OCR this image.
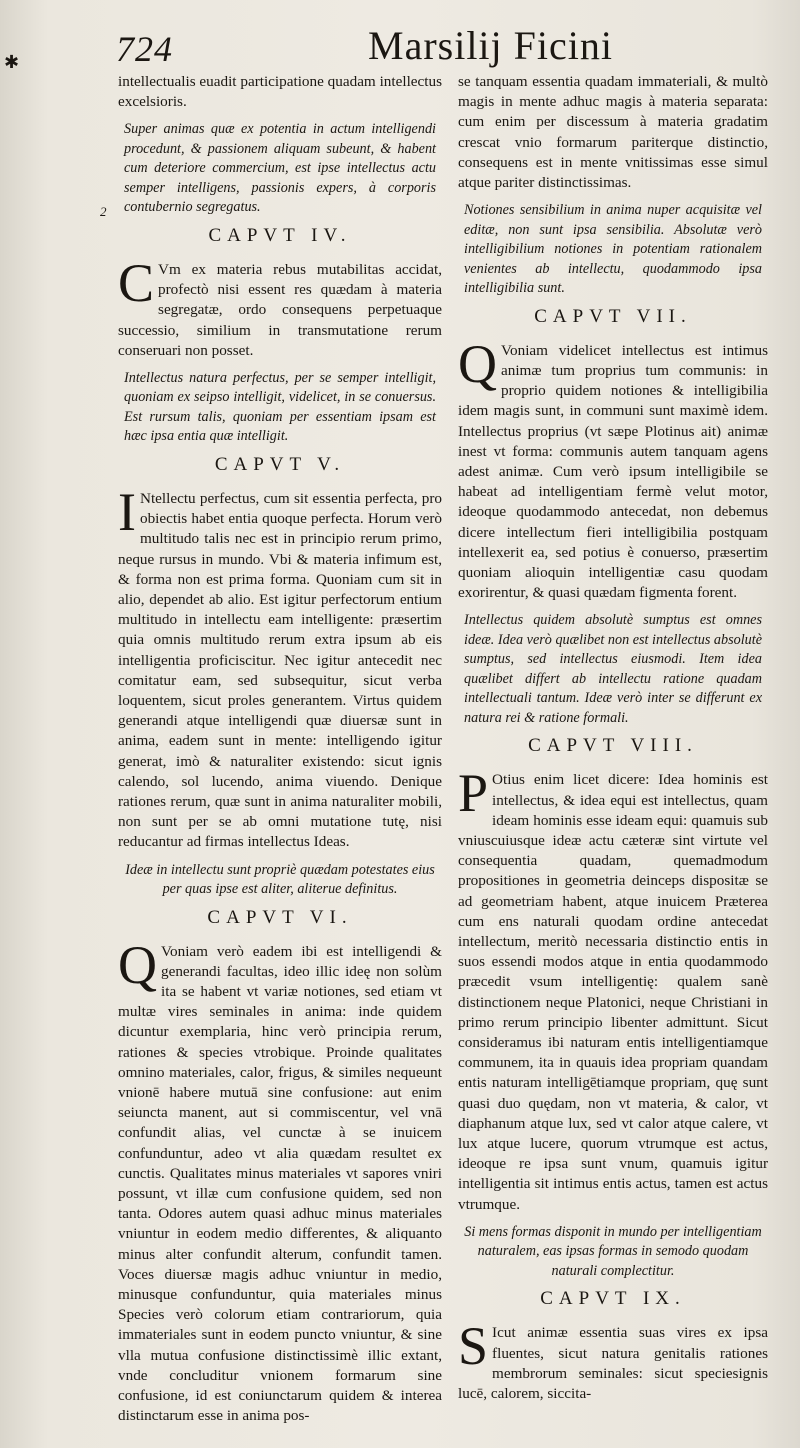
✱	724	Marsilij Ficini
2

intellectualis euadit participatione quadam intellectus excelsioris.

Super animas quæ ex potentia in actum intelligendi procedunt, & passionem aliquam subeunt, & habent cum deteriore commercium, est ipse intellectus actu semper intelligens, passionis expers, à corporis contubernio segregatus.

CAPVT IV.

C Vm ex materia rebus mutabilitas accidat, profectò nisi essent res quædam à materia segregatæ, ordo consequens perpetuaque successio, similium in transmutatione rerum conseruari non posset.

Intellectus natura perfectus, per se semper intelligit, quoniam ex seipso intelligit, videlicet, in se conuersus. Est rursum talis, quoniam per essentiam ipsam est hæc ipsa entia quæ intelligit.

CAPVT V.

I Ntellectu perfectus, cum sit essentia perfecta, pro obiectis habet entia quoque perfecta. Horum verò multitudo talis nec est in principio rerum primo, neque rursus in mundo. Vbi & materia infimum est, & forma non est prima forma. Quoniam cum sit in alio, dependet ab alio. Est igitur perfectorum entium multitudo in intellectu eam intelligente: præsertim quia omnis multitudo rerum extra ipsum ab eis intelligentia proficiscitur. Nec igitur antecedit nec comitatur eam, sed subsequitur, sicut verba loquentem, sicut proles generantem. Virtus quidem generandi atque intelligendi quæ diuersæ sunt in anima, eadem sunt in mente: intelligendo igitur generat, imò & naturaliter existendo: sicut ignis calendo, sol lucendo, anima viuendo. Denique rationes rerum, quæ sunt in anima naturaliter mobili, non sunt per se ab omni mutatione tutę, nisi reducantur ad firmas intellectus Ideas.

Ideæ in intellectu sunt propriè quædam potestates eius per quas ipse est aliter, aliterue definitus.

CAPVT VI.

Q Voniam verò eadem ibi est intelligendi & generandi facultas, ideo illic ideę non solùm ita se habent vt variæ notiones, sed etiam vt multæ vires seminales in anima: inde quidem dicuntur exemplaria, hinc verò principia rerum, rationes & species vtrobique. Proinde qualitates omnino materiales, calor, frigus, & similes nequeunt vnionē habere mutuā sine confusione: aut enim seiuncta manent, aut si commiscentur, vel vnā confundit alias, vel cunctæ à se inuicem confunduntur, adeo vt alia quædam resultet ex cunctis. Qualitates minus materiales vt sapores vniri possunt, vt illæ cum confusione quidem, sed non tanta. Odores autem quasi adhuc minus materiales vniuntur in eodem medio differentes, & aliquanto minus alter confundit alterum, confundit tamen. Voces diuersæ magis adhuc vniuntur in medio, minusque confunduntur, quia materiales minus Species verò colorum etiam contrariorum, quia immateriales sunt in eodem puncto vniuntur, & sine vlla mutua confusione distinctissimè illic extant, vnde concluditur vnionem formarum sine confusione, id est coniunctarum quidem & interea distinctarum esse in anima pos-

se tanquam essentia quadam immateriali, & multò magis in mente adhuc magis à materia separata: cum enim per discessum à materia gradatim crescat vnio formarum pariterque distinctio, consequens est in mente vnitissimas esse simul atque pariter distinctissimas.

Notiones sensibilium in anima nuper acquisitæ vel editæ, non sunt ipsa sensibilia. Absolutæ verò intelligibilium notiones in potentiam rationalem venientes ab intellectu, quodammodo ipsa intelligibilia sunt.

CAPVT VII.

Q Voniam videlicet intellectus est intimus animæ tum proprius tum communis: in proprio quidem notiones & intelligibilia idem magis sunt, in communi sunt maximè idem. Intellectus proprius (vt sæpe Plotinus ait) animæ inest vt forma: communis autem tanquam agens adest animæ. Cum verò ipsum intelligibile se habeat ad intelligentiam fermè velut motor, ideoque quodammodo antecedat, non debemus dicere intellectum fieri intelligibilia postquam intellexerit ea, sed potius è conuerso, præsertim quoniam alioquin intelligentiæ casu quodam exorirentur, & quasi quædam figmenta forent.

Intellectus quidem absolutè sumptus est omnes ideæ. Idea verò quælibet non est intellectus absolutè sumptus, sed intellectus eiusmodi. Item idea quælibet differt ab intellectu ratione quadam intellectuali tantum. Ideæ verò inter se differunt ex natura rei & ratione formali.

CAPVT VIII.

P Otius enim licet dicere: Idea hominis est intellectus, & idea equi est intellectus, quam ideam hominis esse ideam equi: quamuis sub vniuscuiusque ideæ actu cæteræ sint virtute vel consequentia quadam, quemadmodum propositiones in geometria deinceps dispositæ se ad geometriam habent, atque inuicem Præterea cum ens naturali quodam ordine antecedat intellectum, meritò necessaria distinctio entis in suos essendi modos atque in entia quodammodo præcedit vsum intelligentię: qualem sanè distinctionem neque Platonici, neque Christiani in primo rerum principio libenter admittunt. Sicut consideramus ibi naturam entis intelligentiamque communem, ita in quauis idea propriam quandam entis naturam intelligētiamque propriam, quę sunt quasi duo quędam, non vt materia, & calor, vt diaphanum atque lux, sed vt calor atque calere, vt lux atque lucere, quorum vtrumque est actus, ideoque re ipsa sunt vnum, quamuis igitur intelligentia sit intimus entis actus, tamen est actus vtrumque.

Si mens formas disponit in mundo per intelligentiam naturalem, eas ipsas formas in semodo quodam naturali complectitur.

CAPVT IX.

S Icut animæ essentia suas vires ex ipsa fluentes, sicut natura genitalis rationes membrorum seminales: sicut speciesignis lucē, calorem, siccita-
